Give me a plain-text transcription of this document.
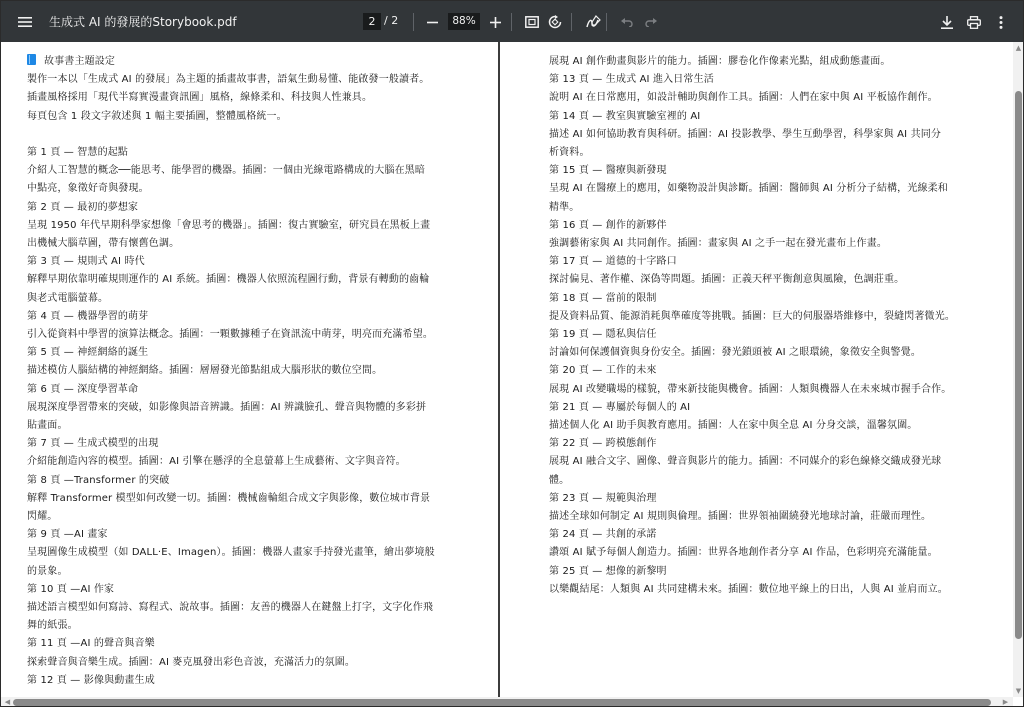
生成式 AI 的發展的Storybook.pdf	2 / 2	88%
故事書主題設定
製作一本以「生成式 AI 的發展」為主題的插畫故事書，語氣生動易懂、能啟發一般讀者。
插畫風格採用「現代半寫實漫畫資訊圖」風格，線條柔和、科技與人性兼具。
每頁包含 1 段文字敘述與 1 幅主要插圖，整體風格統一。
第 1 頁 — 智慧的起點
介紹人工智慧的概念──能思考、能學習的機器。插圖：一個由光線電路構成的大腦在黑暗
中點亮，象徵好奇與發現。
第 2 頁 — 最初的夢想家
呈現 1950 年代早期科學家想像「會思考的機器」。插圖：復古實驗室，研究員在黑板上畫
出機械大腦草圖，帶有懷舊色調。
第 3 頁 — 規則式 AI 時代
解釋早期依靠明確規則運作的 AI 系統。插圖：機器人依照流程圖行動，背景有轉動的齒輪
與老式電腦螢幕。
第 4 頁 — 機器學習的萌芽
引入從資料中學習的演算法概念。插圖：一顆數據種子在資訊流中萌芽，明亮而充滿希望。
第 5 頁 — 神經網絡的誕生
描述模仿人腦結構的神經網絡。插圖：層層發光節點組成大腦形狀的數位空間。
第 6 頁 — 深度學習革命
展現深度學習帶來的突破，如影像與語音辨識。插圖：AI 辨識臉孔、聲音與物體的多彩拼
貼畫面。
第 7 頁 — 生成式模型的出現
介紹能創造內容的模型。插圖：AI 引擎在懸浮的全息螢幕上生成藝術、文字與音符。
第 8 頁 —Transformer 的突破
解釋 Transformer 模型如何改變一切。插圖：機械齒輪組合成文字與影像，數位城市背景
閃耀。
第 9 頁 —AI 畫家
呈現圖像生成模型（如 DALL·E、Imagen）。插圖：機器人畫家手持發光畫筆，繪出夢境般
的景象。
第 10 頁 —AI 作家
描述語言模型如何寫詩、寫程式、說故事。插圖：友善的機器人在鍵盤上打字，文字化作飛
舞的紙張。
第 11 頁 —AI 的聲音與音樂
探索聲音與音樂生成。插圖：AI 麥克風發出彩色音波，充滿活力的氛圍。
第 12 頁 — 影像與動畫生成
展現 AI 創作動畫與影片的能力。插圖：膠卷化作像素光點，組成動態畫面。
第 13 頁 — 生成式 AI 進入日常生活
說明 AI 在日常應用，如設計輔助與創作工具。插圖：人們在家中與 AI 平板協作創作。
第 14 頁 — 教室與實驗室裡的 AI
描述 AI 如何協助教育與科研。插圖：AI 投影教學、學生互動學習，科學家與 AI 共同分
析資料。
第 15 頁 — 醫療與新發現
呈現 AI 在醫療上的應用，如藥物設計與診斷。插圖：醫師與 AI 分析分子結構，光線柔和
精準。
第 16 頁 — 創作的新夥伴
強調藝術家與 AI 共同創作。插圖：畫家與 AI 之手一起在發光畫布上作畫。
第 17 頁 — 道德的十字路口
探討偏見、著作權、深偽等問題。插圖：正義天秤平衡創意與風險，色調莊重。
第 18 頁 — 當前的限制
提及資料品質、能源消耗與準確度等挑戰。插圖：巨大的伺服器塔維修中，裂縫閃著微光。
第 19 頁 — 隱私與信任
討論如何保護個資與身份安全。插圖：發光鎖頭被 AI 之眼環繞，象徵安全與警覺。
第 20 頁 — 工作的未來
展現 AI 改變職場的樣貌，帶來新技能與機會。插圖：人類與機器人在未來城市握手合作。
第 21 頁 — 專屬於每個人的 AI
描述個人化 AI 助手與教育應用。插圖：人在家中與全息 AI 分身交談，溫馨氛圍。
第 22 頁 — 跨模態創作
展現 AI 融合文字、圖像、聲音與影片的能力。插圖：不同媒介的彩色線條交織成發光球
體。
第 23 頁 — 規範與治理
描述全球如何制定 AI 規則與倫理。插圖：世界領袖圍繞發光地球討論，莊嚴而理性。
第 24 頁 — 共創的承諾
讚頌 AI 賦予每個人創造力。插圖：世界各地創作者分享 AI 作品，色彩明亮充滿能量。
第 25 頁 — 想像的新黎明
以樂觀結尾：人類與 AI 共同建構未來。插圖：數位地平線上的日出，人與 AI 並肩而立。
▲
▼
◀	▶
